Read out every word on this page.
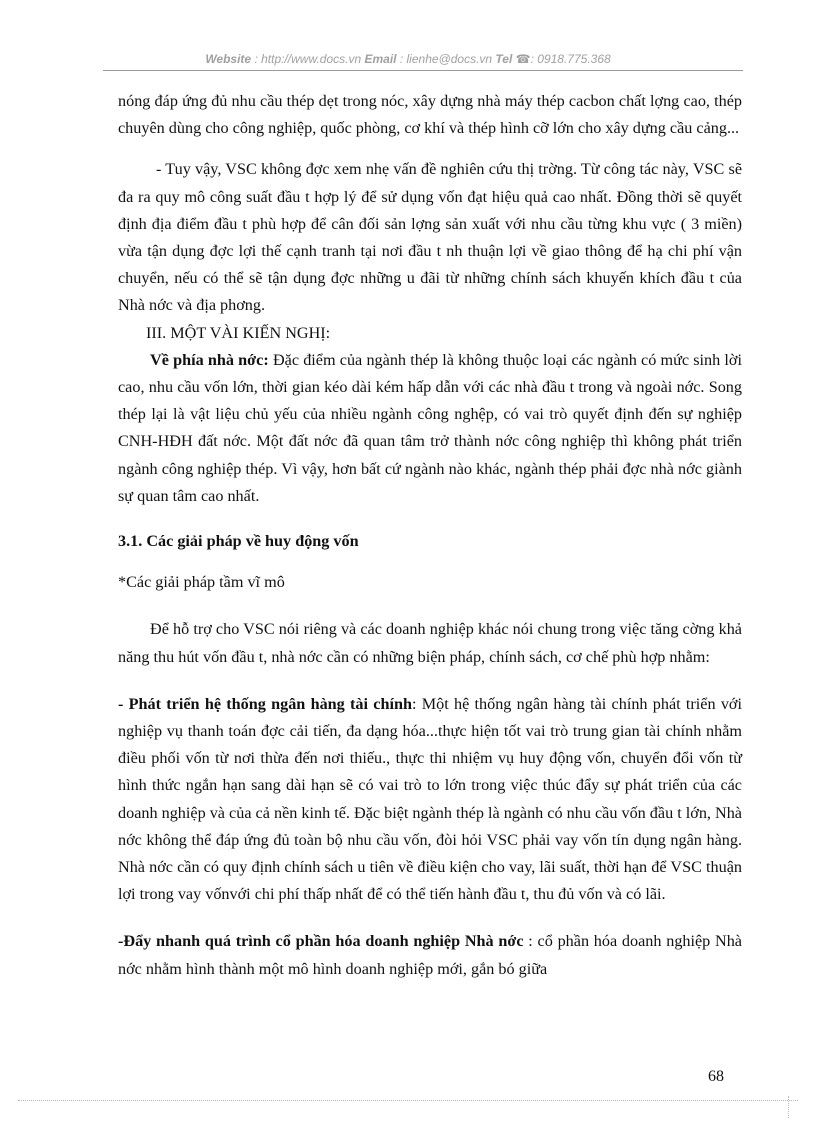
Website : http://www.docs.vn Email : lienhe@docs.vn Tel ☎: 0918.775.368

nóng đáp ứng đủ nhu cầu thép dẹt trong nóc, xây dựng nhà máy thép cacbon chất lợng cao, thép chuyên dùng cho công nghiệp, quốc phòng, cơ khí và thép hình cỡ lớn cho xây dựng cầu cảng...

- Tuy vậy, VSC không đợc xem nhẹ vấn đề nghiên cứu thị trờng. Từ công tác này, VSC sẽ đa ra quy mô công suất đầu t hợp lý để sử dụng vốn đạt hiệu quả cao nhất. Đồng thời sẽ quyết định địa điểm đầu t phù hợp để cân đối sản lợng sản xuất với nhu cầu từng khu vực ( 3 miền) vừa tận dụng đợc lợi thế cạnh tranh tại nơi đầu t nh thuận lợi về giao thông để hạ chi phí vận chuyển, nếu có thể sẽ tận dụng đợc những u đãi từ những chính sách khuyến khích đầu t của Nhà nớc và địa phơng.

III. MỘT VÀI KIẾN NGHỊ:

Về phía nhà nớc: Đặc điểm của ngành thép là không thuộc loại các ngành có mức sinh lời cao, nhu cầu vốn lớn, thời gian kéo dài kém hấp dẫn với các nhà đầu t trong và ngoài nớc. Song thép lại là vật liệu chủ yếu của nhiều ngành công nghệp, có vai trò quyết định đến sự nghiệp CNH-HĐH đất nớc. Một đất nớc đã quan tâm trở thành nớc công nghiệp thì không phát triển ngành công nghiệp thép. Vì vậy, hơn bất cứ ngành nào khác, ngành thép phải đợc nhà nớc giành sự quan tâm cao nhất.

3.1. Các giải pháp về huy động vốn

*Các giải pháp tầm vĩ mô

Để hỗ trợ cho VSC nói riêng và các doanh nghiệp khác nói chung trong việc tăng cờng khả năng thu hút vốn đầu t, nhà nớc cần có những biện pháp, chính sách, cơ chế phù hợp nhằm:

- Phát triển hệ thống ngân hàng tài chính: Một hệ thống ngân hàng tài chính phát triển với nghiệp vụ thanh toán đợc cải tiến, đa dạng hóa...thực hiện tốt vai trò trung gian tài chính nhằm điều phối vốn từ nơi thừa đến nơi thiếu., thực thi nhiệm vụ huy động vốn, chuyển đổi vốn từ hình thức ngắn hạn sang dài hạn sẽ có vai trò to lớn trong việc thúc đẩy sự phát triển của các doanh nghiệp và của cả nền kinh tế. Đặc biệt ngành thép là ngành có nhu cầu vốn đầu t lớn, Nhà nớc không thể đáp ứng đủ toàn bộ nhu cầu vốn, đòi hỏi VSC phải vay vốn tín dụng ngân hàng. Nhà nớc cần có quy định chính sách u tiên về điều kiện cho vay, lãi suất, thời hạn để VSC thuận lợi trong vay vốnvới chi phí thấp nhất để có thể tiến hành đầu t, thu đủ vốn và có lãi.

-Đẩy nhanh quá trình cổ phần hóa doanh nghiệp Nhà nớc : cổ phần hóa doanh nghiệp Nhà nớc nhằm hình thành một mô hình doanh nghiệp mới, gắn bó giữa

68
